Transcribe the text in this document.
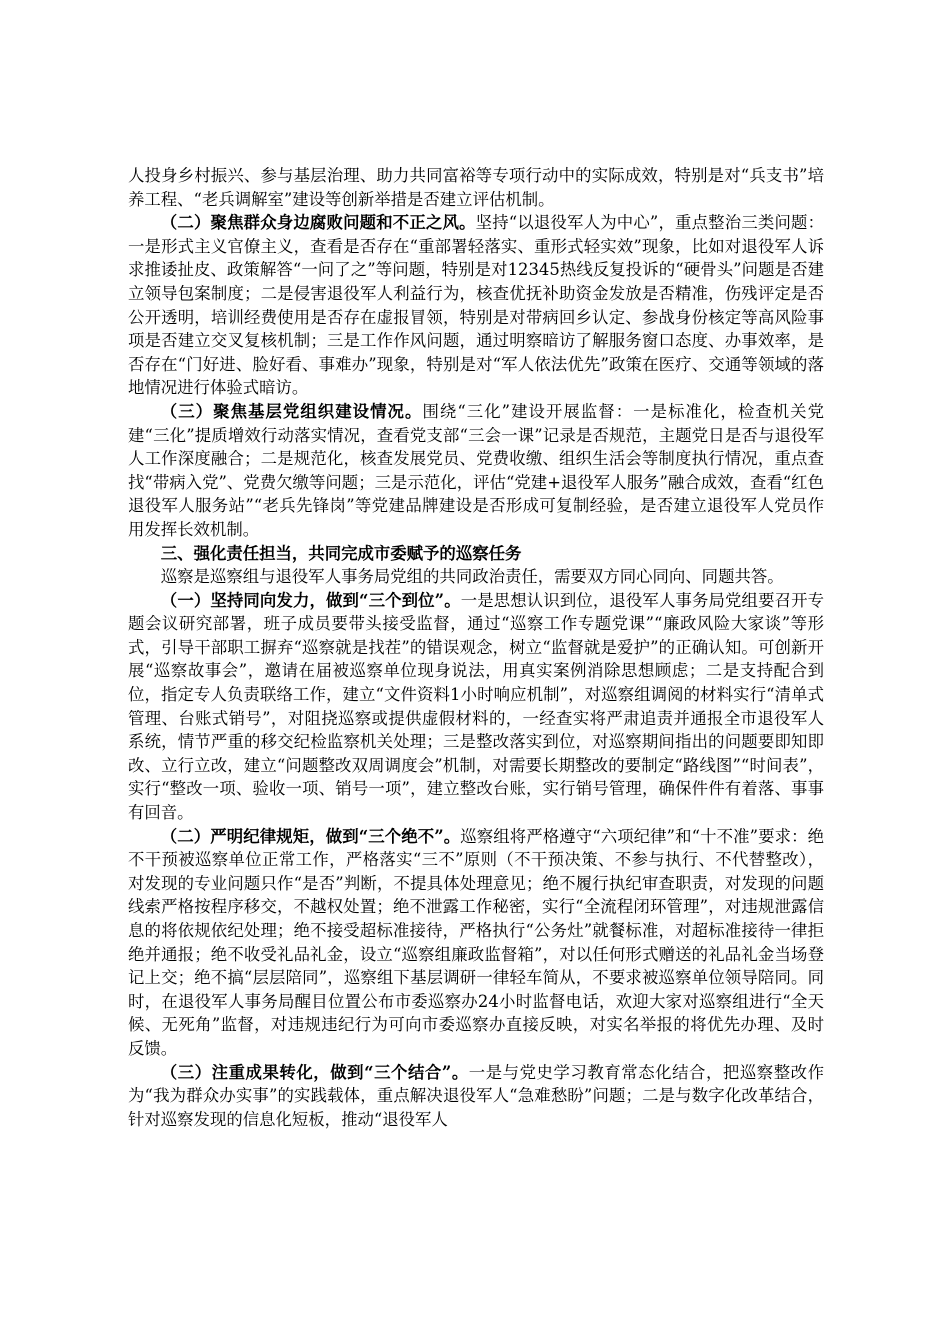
人投身乡村振兴、参与基层治理、助力共同富裕等专项行动中的实际成效，特别是对“兵支书”培养工程、“老兵调解室”建设等创新举措是否建立评估机制。

（二）聚焦群众身边腐败问题和不正之风。坚持“以退役军人为中心”，重点整治三类问题：一是形式主义官僚主义，查看是否存在“重部署轻落实、重形式轻实效”现象，比如对退役军人诉求推诿扯皮、政策解答“一问了之”等问题，特别是对12345热线反复投诉的“硬骨头”问题是否建立领导包案制度；二是侵害退役军人利益行为，核查优抚补助资金发放是否精准，伤残评定是否公开透明，培训经费使用是否存在虚报冒领，特别是对带病回乡认定、参战身份核定等高风险事项是否建立交叉复核机制；三是工作作风问题，通过明察暗访了解服务窗口态度、办事效率，是否存在“门好进、脸好看、事难办”现象，特别是对“军人依法优先”政策在医疗、交通等领域的落地情况进行体验式暗访。

（三）聚焦基层党组织建设情况。围绕“三化”建设开展监督：一是标准化，检查机关党建“三化”提质增效行动落实情况，查看党支部“三会一课”记录是否规范，主题党日是否与退役军人工作深度融合；二是规范化，核查发展党员、党费收缴、组织生活会等制度执行情况，重点查找“带病入党”、党费欠缴等问题；三是示范化，评估“党建+退役军人服务”融合成效，查看“红色退役军人服务站”“老兵先锋岗”等党建品牌建设是否形成可复制经验，是否建立退役军人党员作用发挥长效机制。

三、强化责任担当，共同完成市委赋予的巡察任务

巡察是巡察组与退役军人事务局党组的共同政治责任，需要双方同心同向、同题共答。

（一）坚持同向发力，做到“三个到位”。一是思想认识到位，退役军人事务局党组要召开专题会议研究部署，班子成员要带头接受监督，通过“巡察工作专题党课”“廉政风险大家谈”等形式，引导干部职工摒弃“巡察就是找茬”的错误观念，树立“监督就是爱护”的正确认知。可创新开展“巡察故事会”，邀请在届被巡察单位现身说法，用真实案例消除思想顾虑；二是支持配合到位，指定专人负责联络工作，建立“文件资料1小时响应机制”，对巡察组调阅的材料实行“清单式管理、台账式销号”，对阻挠巡察或提供虚假材料的，一经查实将严肃追责并通报全市退役军人系统，情节严重的移交纪检监察机关处理；三是整改落实到位，对巡察期间指出的问题要即知即改、立行立改，建立“问题整改双周调度会”机制，对需要长期整改的要制定“路线图”“时间表”，实行“整改一项、验收一项、销号一项”，建立整改台账，实行销号管理，确保件件有着落、事事有回音。

（二）严明纪律规矩，做到“三个绝不”。巡察组将严格遵守“六项纪律”和“十不准”要求：绝不干预被巡察单位正常工作，严格落实“三不”原则（不干预决策、不参与执行、不代替整改），对发现的专业问题只作“是否”判断，不提具体处理意见；绝不履行执纪审查职责，对发现的问题线索严格按程序移交，不越权处置；绝不泄露工作秘密，实行“全流程闭环管理”，对违规泄露信息的将依规依纪处理；绝不接受超标准接待，严格执行“公务灶”就餐标准，对超标准接待一律拒绝并通报；绝不收受礼品礼金，设立“巡察组廉政监督箱”，对以任何形式赠送的礼品礼金当场登记上交；绝不搞“层层陪同”，巡察组下基层调研一律轻车简从，不要求被巡察单位领导陪同。同时，在退役军人事务局醒目位置公布市委巡察办24小时监督电话，欢迎大家对巡察组进行“全天候、无死角”监督，对违规违纪行为可向市委巡察办直接反映，对实名举报的将优先办理、及时反馈。

（三）注重成果转化，做到“三个结合”。一是与党史学习教育常态化结合，把巡察整改作为“我为群众办实事”的实践载体，重点解决退役军人“急难愁盼”问题；二是与数字化改革结合，针对巡察发现的信息化短板，推动“退役军人
